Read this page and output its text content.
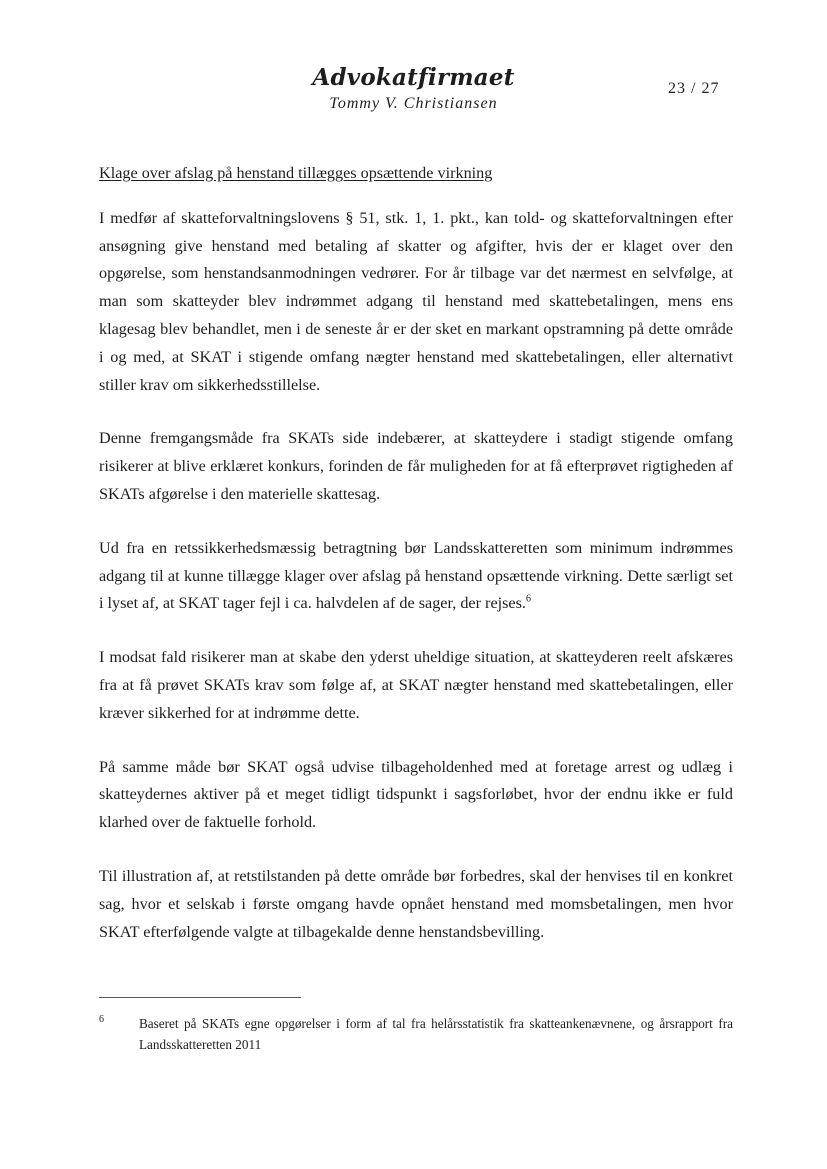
Advokatfirmaet
Tommy V. Christiansen
23 / 27
Klage over afslag på henstand tillægges opsættende virkning

I medfør af skatteforvaltningslovens § 51, stk. 1, 1. pkt., kan told- og skatteforvaltningen efter ansøgning give henstand med betaling af skatter og afgifter, hvis der er klaget over den opgørelse, som henstandsanmodningen vedrører. For år tilbage var det nærmest en selvfølge, at man som skatteyder blev indrømmet adgang til henstand med skattebetalingen, mens ens klagesag blev behandlet, men i de seneste år er der sket en markant opstramning på dette område i og med, at SKAT i stigende omfang nægter henstand med skattebetalingen, eller alternativt stiller krav om sikkerhedsstillelse.

Denne fremgangsmåde fra SKATs side indebærer, at skatteydere i stadigt stigende omfang risikerer at blive erklæret konkurs, forinden de får muligheden for at få efterprøvet rigtigheden af SKATs afgørelse i den materielle skattesag.

Ud fra en retssikkerhedsmæssig betragtning bør Landsskatteretten som minimum indrømmes adgang til at kunne tillægge klager over afslag på henstand opsættende virkning. Dette særligt set i lyset af, at SKAT tager fejl i ca. halvdelen af de sager, der rejses.$^6$

I modsat fald risikerer man at skabe den yderst uheldige situation, at skatteyderen reelt afskæres fra at få prøvet SKATs krav som følge af, at SKAT nægter henstand med skattebetalingen, eller kræver sikkerhed for at indrømme dette.

På samme måde bør SKAT også udvise tilbageholdenhed med at foretage arrest og udlæg i skatteydernes aktiver på et meget tidligt tidspunkt i sagsforløbet, hvor der endnu ikke er fuld klarhed over de faktuelle forhold.

Til illustration af, at retstilstanden på dette område bør forbedres, skal der henvises til en konkret sag, hvor et selskab i første omgang havde opnået henstand med momsbetalingen, men hvor SKAT efterfølgende valgte at tilbagekalde denne henstandsbevilling.

6	Baseret på SKATs egne opgørelser i form af tal fra helårsstatistik fra skatteankenævnene, og årsrapport fra Landsskatteretten 2011
